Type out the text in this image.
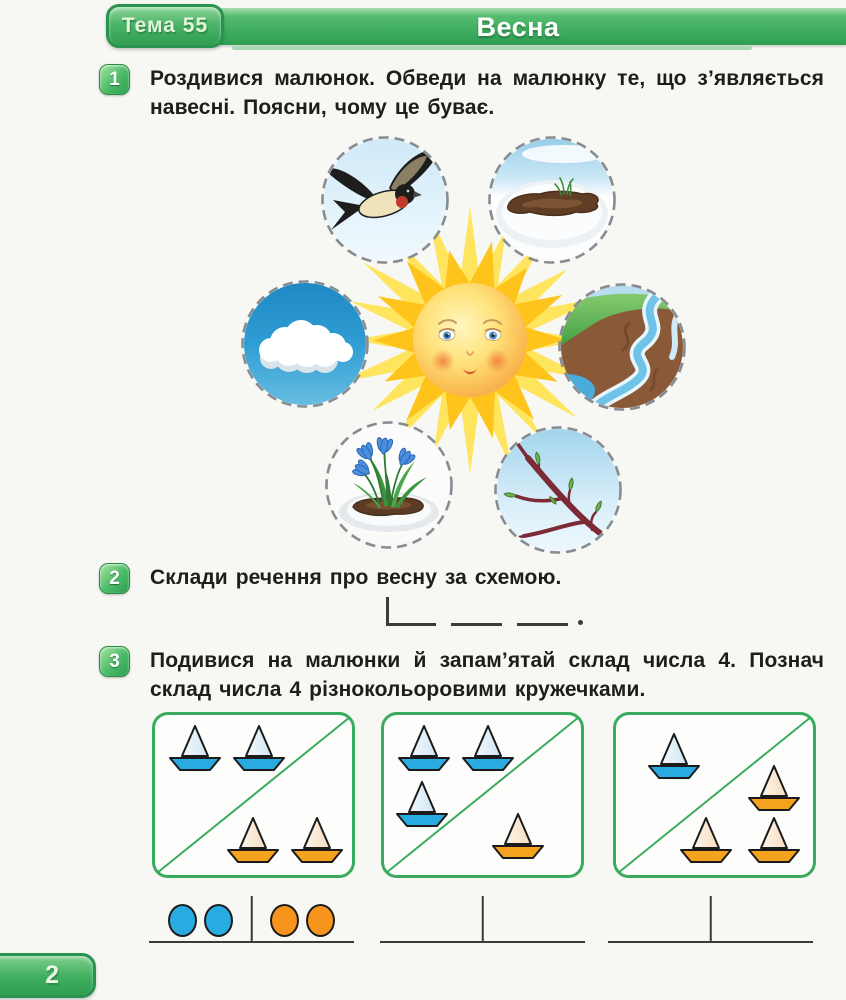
Весна
Тема 55
1	Роздивися малюнок. Обведи на малюнку те, що з’являється навесні. Поясни, чому це буває.
2	Склади речення про весну за схемою.
3	Подивися на малюнки й запам’ятай склад числа 4. Познач склад числа 4 різнокольоровими кружечками.
2
